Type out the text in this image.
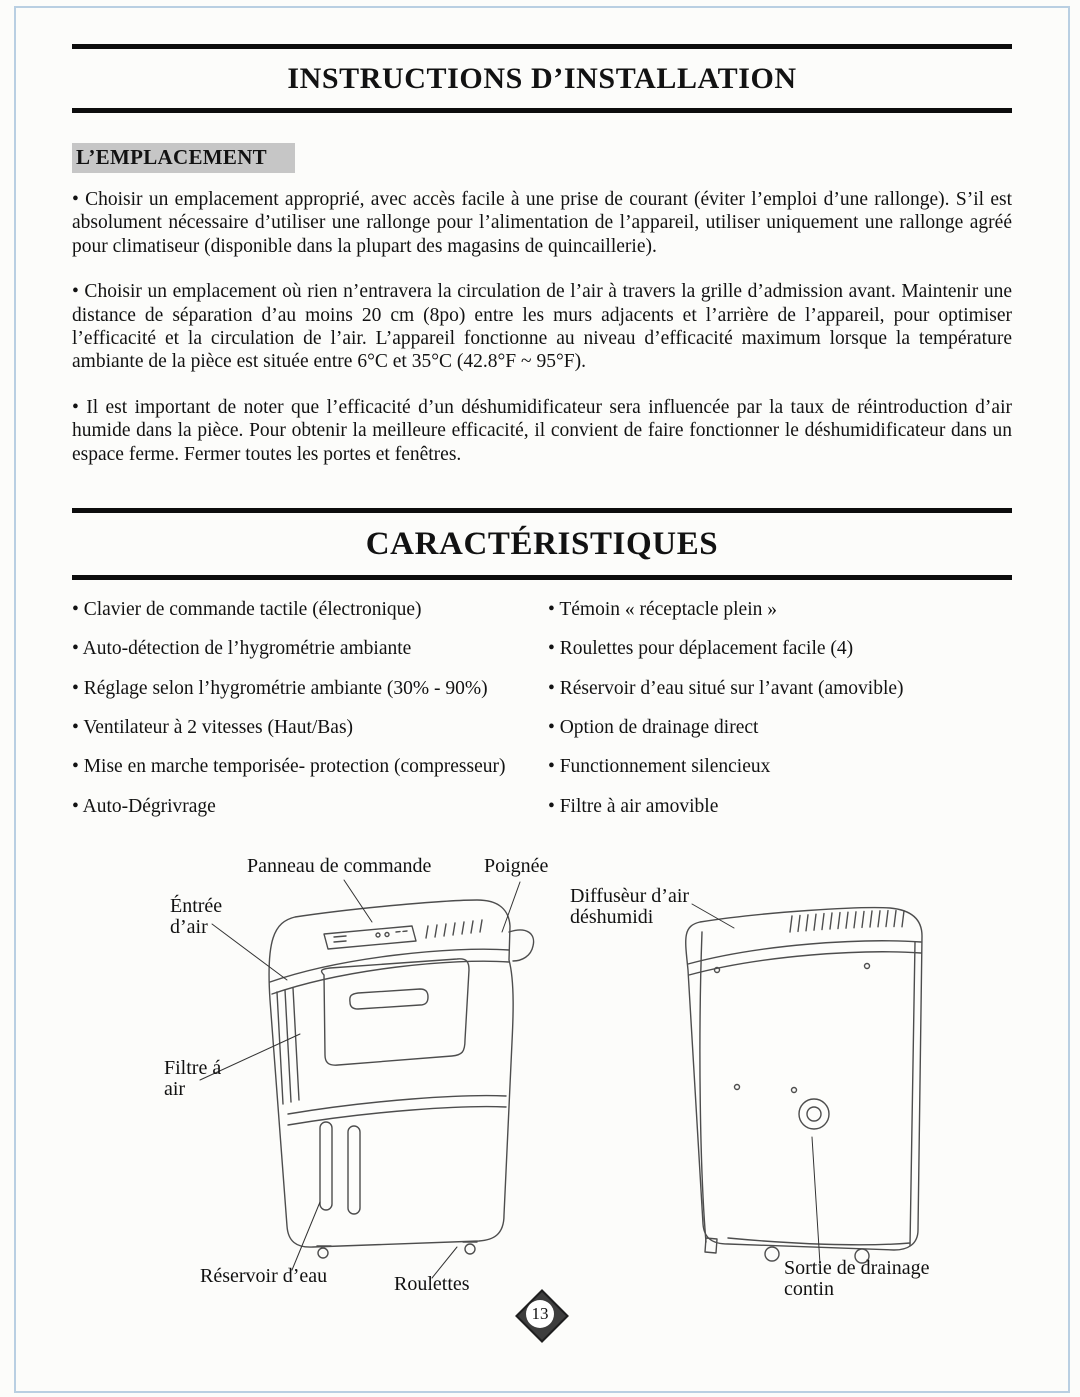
INSTRUCTIONS D’INSTALLATION
L’EMPLACEMENT

• Choisir un emplacement approprié, avec accès facile à une prise de courant (éviter l’emploi d’une rallonge). S’il est absolument nécessaire d’utiliser une rallonge pour l’alimentation de l’appareil, utiliser uniquement une rallonge agréé pour climatiseur (disponible dans la plupart des magasins de quincaillerie).

• Choisir un emplacement où rien n’entravera la circulation de l’air à travers la grille d’admission avant. Maintenir une distance de séparation d’au moins 20 cm (8po) entre les murs adjacents et l’arrière de l’appareil, pour optimiser l’efficacité et la circulation de l’air. L’appareil fonctionne au niveau d’efficacité maximum lorsque la température ambiante de la pièce est située entre 6°C et 35°C (42.8°F ~ 95°F).

• Il est important de noter que l’efficacité d’un déshumidificateur sera influencée par la taux de réintroduction d’air humide dans la pièce. Pour obtenir la meilleure efficacité, il convient de faire fonctionner le déshumidificateur dans un espace ferme. Fermer toutes les portes et fenêtres.

CARACTÉRISTIQUES
• Clavier de commande tactile (électronique)
• Auto-détection de l’hygrométrie ambiante
• Réglage selon l’hygrométrie ambiante (30% - 90%)
• Ventilateur à 2 vitesses (Haut/Bas)
• Mise en marche temporisée- protection (compresseur)
• Auto-Dégrivrage
• Témoin « réceptacle plein »
• Roulettes pour déplacement facile (4)
• Réservoir d’eau situé sur l’avant (amovible)
• Option de drainage direct
• Functionnement silencieux
• Filtre à air amovible
Panneau de commande	Poignée
Éntrée
d’air
Diffusèur d’air
déshumidi
Filtre á
air
Réservoir d’eau	Roulettes
Sortie de drainage
contin
13
